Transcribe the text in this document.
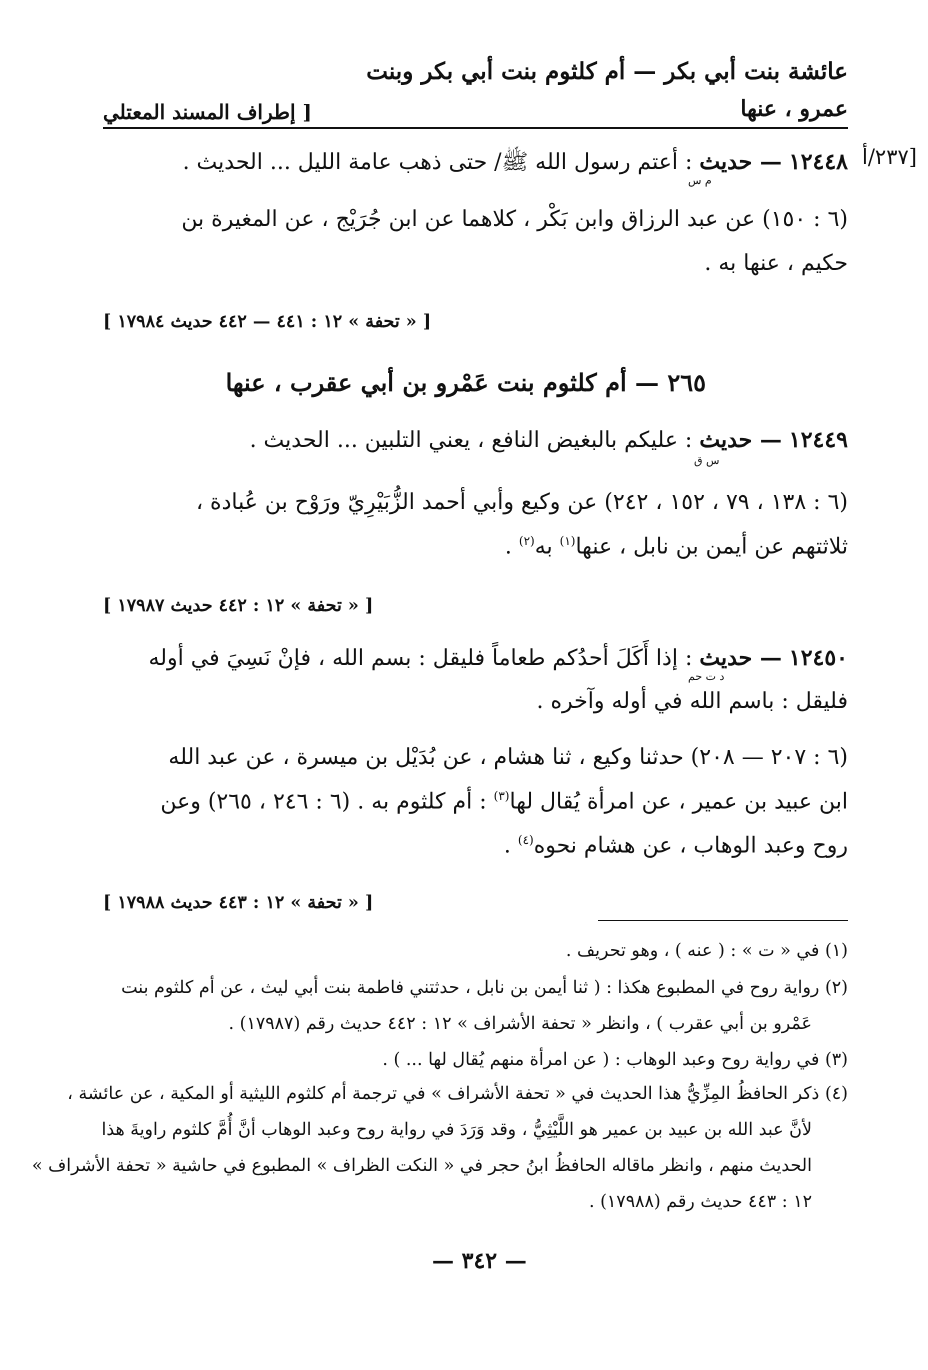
عائشة بنت أبي بكر — أم كلثوم بنت أبي بكر وبنت
عمرو ، عنها
[ إطراف المسند المعتلي
٢٣٧/أ]
١٢٤٤٨ — حديث : أعتم رسول الله ﷺ/ حتى ذهب عامة الليل ... الحديث .
م س
(٦ : ١٥٠) عن عبد الرزاق وابن بَكْر ، كلاهما عن ابن جُرَيْج ، عن المغيرة بن
حكيم ، عنها به .
[ « تحفة » ١٢ : ٤٤١ — ٤٤٢ حديث ١٧٩٨٤ ]
٢٦٥ — أم كلثوم بنت عَمْرو بن أبي عقرب ، عنها
١٢٤٤٩ — حديث : عليكم بالبغيض النافع ، يعني التلبين ... الحديث .
س ق
(٦ : ١٣٨ ، ٧٩ ، ١٥٢ ، ٢٤٢) عن وكيع وأبي أحمد الزُّبَيْرِيّ ورَوْح بن عُبادة ،
ثلاثتهم عن أيمن بن نابل ، عنها$^{(١)}$ به$^{(٢)}$ .
[ « تحفة » ١٢ : ٤٤٢ حديث ١٧٩٨٧ ]
١٢٤٥٠ — حديث : إذا أَكَلَ أحدُكم طعاماً فليقل : بسم الله ، فإنْ نَسِيَ في أوله
د ت حم
فليقل : باسم الله في أوله وآخره .
(٦ : ٢٠٧ — ٢٠٨) حدثنا وكيع ، ثنا هشام ، عن بُدَيْل بن ميسرة ، عن عبد الله
ابن عبيد بن عمير ، عن امرأة يُقال لها$^{(٣)}$ : أم كلثوم به . (٦ : ٢٤٦ ، ٢٦٥) وعن
روح وعبد الوهاب ، عن هشام نحوه$^{(٤)}$ .
[ « تحفة » ١٢ : ٤٤٣ حديث ١٧٩٨٨ ]
(١) في « ت » : ( عنه ) ، وهو تحريف .
(٢) رواية روح في المطبوع هكذا : ( ثنا أيمن بن نابل ، حدثتني فاطمة بنت أبي ليث ، عن أم كلثوم بنت
عَمْرو بن أبي عقرب ) ، وانظر « تحفة الأشراف » ١٢ : ٤٤٢ حديث رقم (١٧٩٨٧) .
(٣) في رواية روح وعبد الوهاب : ( عن امرأة منهم يُقال لها ... ) .
(٤) ذكر الحافظُ المِزِّيُّ هذا الحديث في « تحفة الأشراف » في ترجمة أم كلثوم الليثية أو المكية ، عن عائشة ،
لأنَّ عبد الله بن عبيد بن عمير هو اللَّيْثِيُّ ، وقد وَرَدَ في رواية روح وعبد الوهاب أنَّ أُمَّ كلثوم راويةَ هذا
الحديث منهم ، وانظر ماقاله الحافظُ ابنُ حجر في « النكت الظراف » المطبوع في حاشية « تحفة الأشراف »
١٢ : ٤٤٣ حديث رقم (١٧٩٨٨) .
— ٣٤٢ —
